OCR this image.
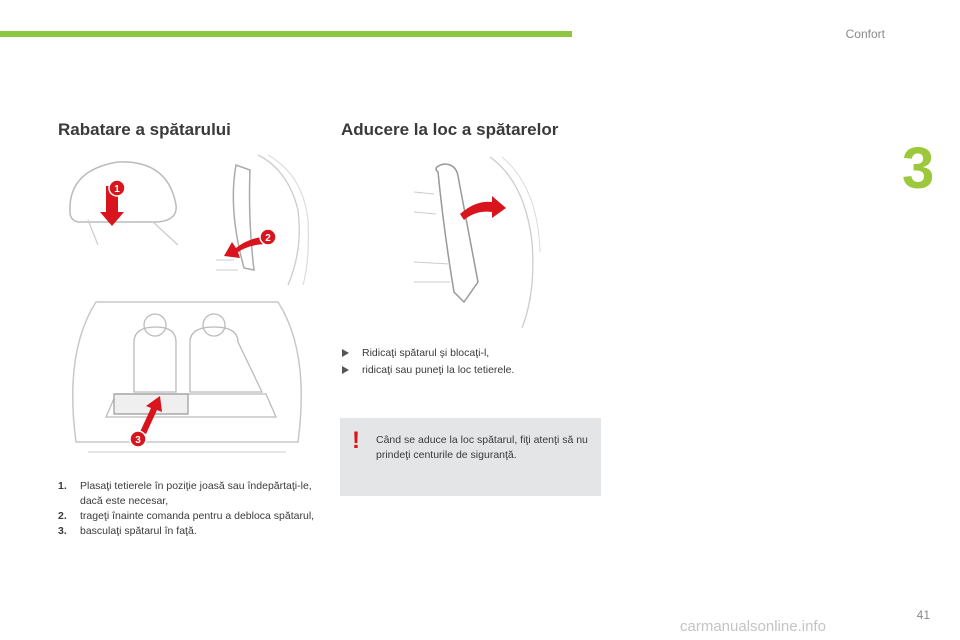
Confort
3
Rabatare a spătarului	Aducere la loc a spătarelor
1
2
3
1. Plasaţi tetierele în poziţie joasă sau îndepărtaţi-le, dacă este necesar,
2. trageţi înainte comanda pentru a debloca spătarul,
3. basculaţi spătarul în faţă.
Ridicaţi spătarul şi blocaţi-l,
ridicaţi sau puneţi la loc tetierele.
! Când se aduce la loc spătarul, fiţi atenţi să nu prindeţi centurile de siguranţă.
carmanualsonline.info
41
